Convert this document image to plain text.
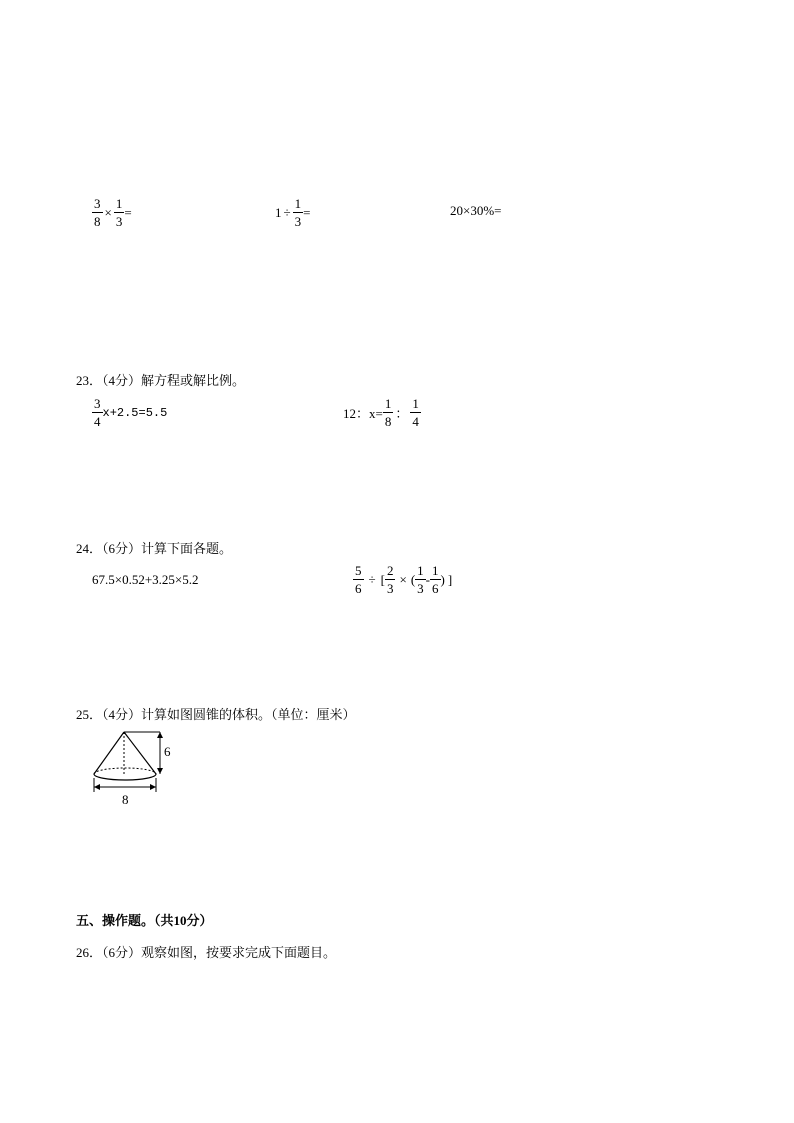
$\frac{3}{8} \times \frac{1}{3}$ =	$1 \div \frac{1}{3}$ =	20×30%=
23．（4分）解方程或解比例。
$\frac{3}{4} x+2.5=5.5$	12：$x= \frac{1}{8}$ ： $\frac{1}{4}$
24．（6分）计算下面各题。
67.5×0.52+3.25×5.2	$\frac{5}{6}$ ÷ [ $\frac{2}{3}$ × ( $\frac{1}{3} - \frac{1}{6}$ ) ]
25．（4分）计算如图圆锥的体积。（单位：厘米）
6
8
五、操作题。（共10分）
26．（6分）观察如图，按要求完成下面题目。
